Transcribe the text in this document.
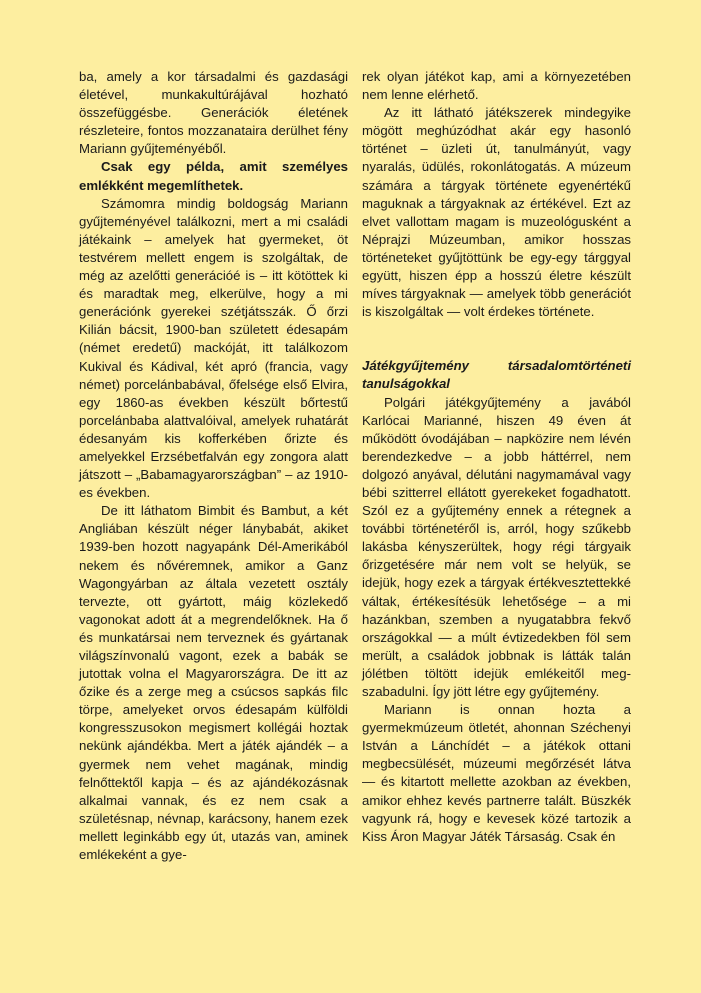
ba, amely a kor társadalmi és gazdasági életével, munkakultúrájával hozható összefüggésbe. Generációk életének részleteire, fontos mozzanataira derülhet fény Mariann gyűjteményéből.

Csak egy példa, amit személyes emlékként megemlíthetek.

Számomra mindig boldogság Mariann gyűjteményével találkozni, mert a mi családi játékaink – amelyek hat gyermeket, öt testvérem mellett engem is szolgáltak, de még az azelőtti generációé is – itt kötöttek ki és maradtak meg, elkerülve, hogy a mi generációnk gyerekei szétjátsszák. Ő őrzi Kilián bácsit, 1900-ban született édesapám (német eredetű) mackóját, itt találkozom Kukival és Kádival, két apró (francia, vagy német) porcelánbabával, őfelsége első Elvira, egy 1860-as években készült bőrtestű porcelánbaba alattvalóival, amelyek ruhatárát édesanyám kis kofferkében őrizte és amelyekkel Erzsébetfalván egy zongora alatt játszott – „Babamagyarországban” – az 1910-es években.

De itt láthatom Bimbit és Bambut, a két Angliában készült néger lánybabát, akiket 1939-ben hozott nagyapánk Dél-Amerikából nekem és nővéremnek, amikor a Ganz Wagongyárban az általa vezetett osztály tervezte, ott gyártott, máig közlekedő vagonokat adott át a megrendelőknek. Ha ő és munkatársai nem terveznek és gyártanak világszínvonalú vagont, ezek a babák se jutottak volna el Magyarországra. De itt az őzike és a zerge meg a csúcsos sapkás filc törpe, amelyeket orvos édesapám külföldi kongresszusokon megismert kollégái hoztak nekünk ajándékba. Mert a játék ajándék – a gyermek nem vehet magának, mindig felnőttektől kapja – és az ajándékozásnak alkalmai vannak, és ez nem csak a születésnap, névnap, karácsony, hanem ezek mellett leginkább egy út, utazás van, aminek emlékeként a gye-

rek olyan játékot kap, ami a környezetében nem lenne elérhető.

Az itt látható játékszerek mindegyike mögött meghúzódhat akár egy hasonló történet – üzleti út, tanulmányút, vagy nyaralás, üdülés, rokonlátogatás. A múzeum számára a tárgyak története egyenértékű maguknak a tárgyaknak az értékével. Ezt az elvet vallottam magam is muzeológusként a Néprajzi Múzeumban, amikor hosszas történeteket gyűjtöttünk be egy-egy tárggyal együtt, hiszen épp a hosszú életre készült míves tárgyaknak — amelyek több generációt is kiszolgáltak — volt érdekes története.

Játékgyűjtemény társadalomtörténeti tanulságokkal

Polgári játékgyűjtemény a javából Karlócai Marianné, hiszen 49 éven át működött óvodájában – napközire nem lévén berendezkedve – a jobb háttérrel, nem dolgozó anyával, délutáni nagymamával vagy bébi szitterrel ellátott gyerekeket fogadhatott. Szól ez a gyűjtemény ennek a rétegnek a további történetéről is, arról, hogy szűkebb lakásba kényszerültek, hogy régi tárgyaik őrizgetésére már nem volt se helyük, se idejük, hogy ezek a tárgyak értékvesztettekké váltak, értékesítésük lehetősége – a mi hazánkban, szemben a nyugatabbra fekvő országokkal — a múlt évtizedekben föl sem merült, a családok jobbnak is látták talán jólétben töltött idejük emlékeitől meg- szabadulni. Így jött létre egy gyűjtemény.

Mariann is onnan hozta a gyermekmúzeum ötletét, ahonnan Széchenyi István a Lánchídét – a játékok ottani megbecsülését, múzeumi megőrzését látva — és kitartott mellette azokban az években, amikor ehhez kevés partnerre talált. Büszkék vagyunk rá, hogy e kevesek közé tartozik a Kiss Áron Magyar Játék Társaság. Csak én
